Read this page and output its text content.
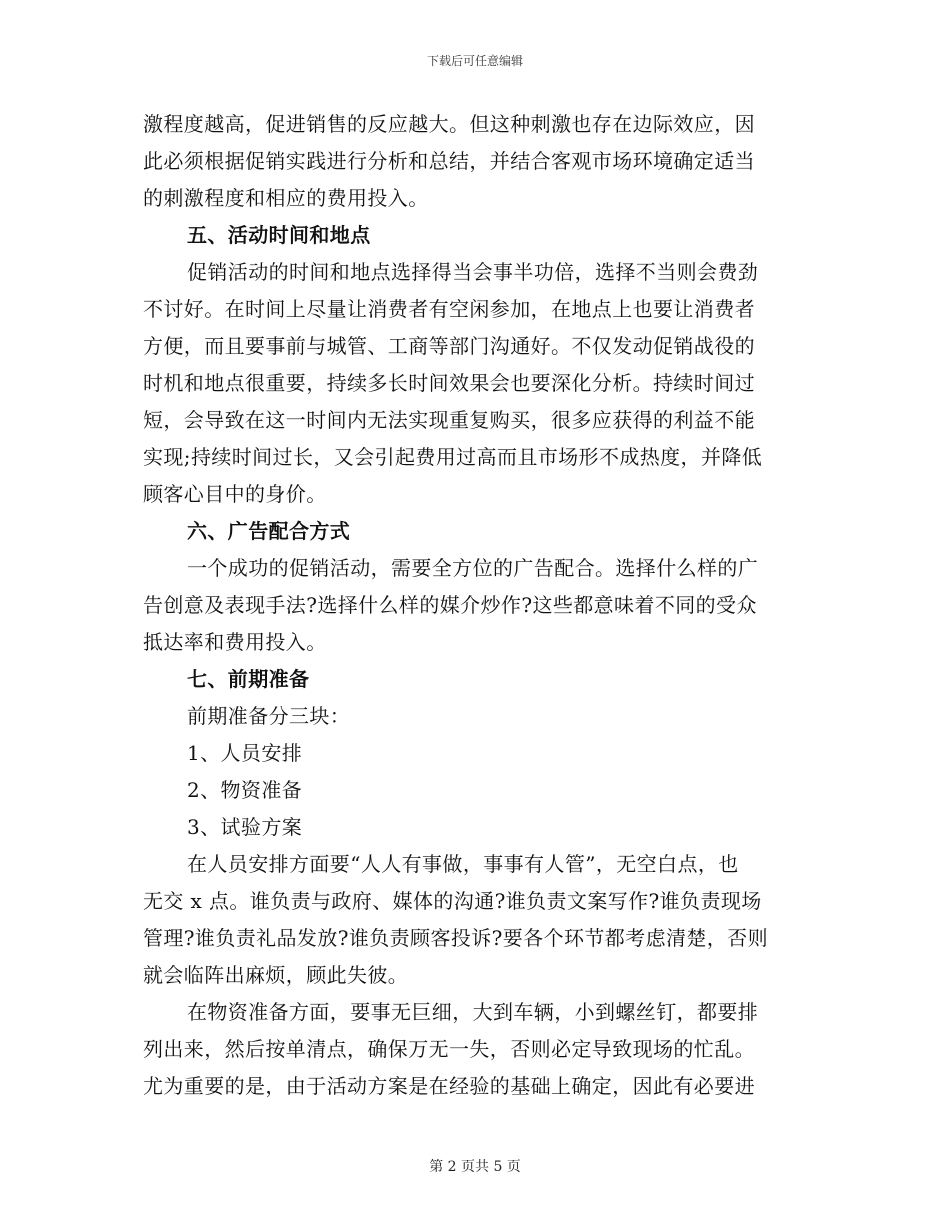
下载后可任意编辑
激程度越高，促进销售的反应越大。但这种刺激也存在边际效应，因
此必须根据促销实践进行分析和总结，并结合客观市场环境确定适当
的刺激程度和相应的费用投入。
五、活动时间和地点
促销活动的时间和地点选择得当会事半功倍，选择不当则会费劲
不讨好。在时间上尽量让消费者有空闲参加，在地点上也要让消费者
方便，而且要事前与城管、工商等部门沟通好。不仅发动促销战役的
时机和地点很重要，持续多长时间效果会也要深化分析。持续时间过
短，会导致在这一时间内无法实现重复购买，很多应获得的利益不能
实现;持续时间过长，又会引起费用过高而且市场形不成热度，并降低
顾客心目中的身价。
六、广告配合方式
一个成功的促销活动，需要全方位的广告配合。选择什么样的广
告创意及表现手法?选择什么样的媒介炒作?这些都意味着不同的受众
抵达率和费用投入。
七、前期准备
前期准备分三块：
1、人员安排
2、物资准备
3、试验方案
在人员安排方面要“人人有事做，事事有人管”，无空白点，也
无交 x 点。谁负责与政府、媒体的沟通?谁负责文案写作?谁负责现场
管理?谁负责礼品发放?谁负责顾客投诉?要各个环节都考虑清楚，否则
就会临阵出麻烦，顾此失彼。
在物资准备方面，要事无巨细，大到车辆，小到螺丝钉，都要排
列出来，然后按单清点，确保万无一失，否则必定导致现场的忙乱。
尤为重要的是，由于活动方案是在经验的基础上确定，因此有必要进
第 2 页共 5 页
